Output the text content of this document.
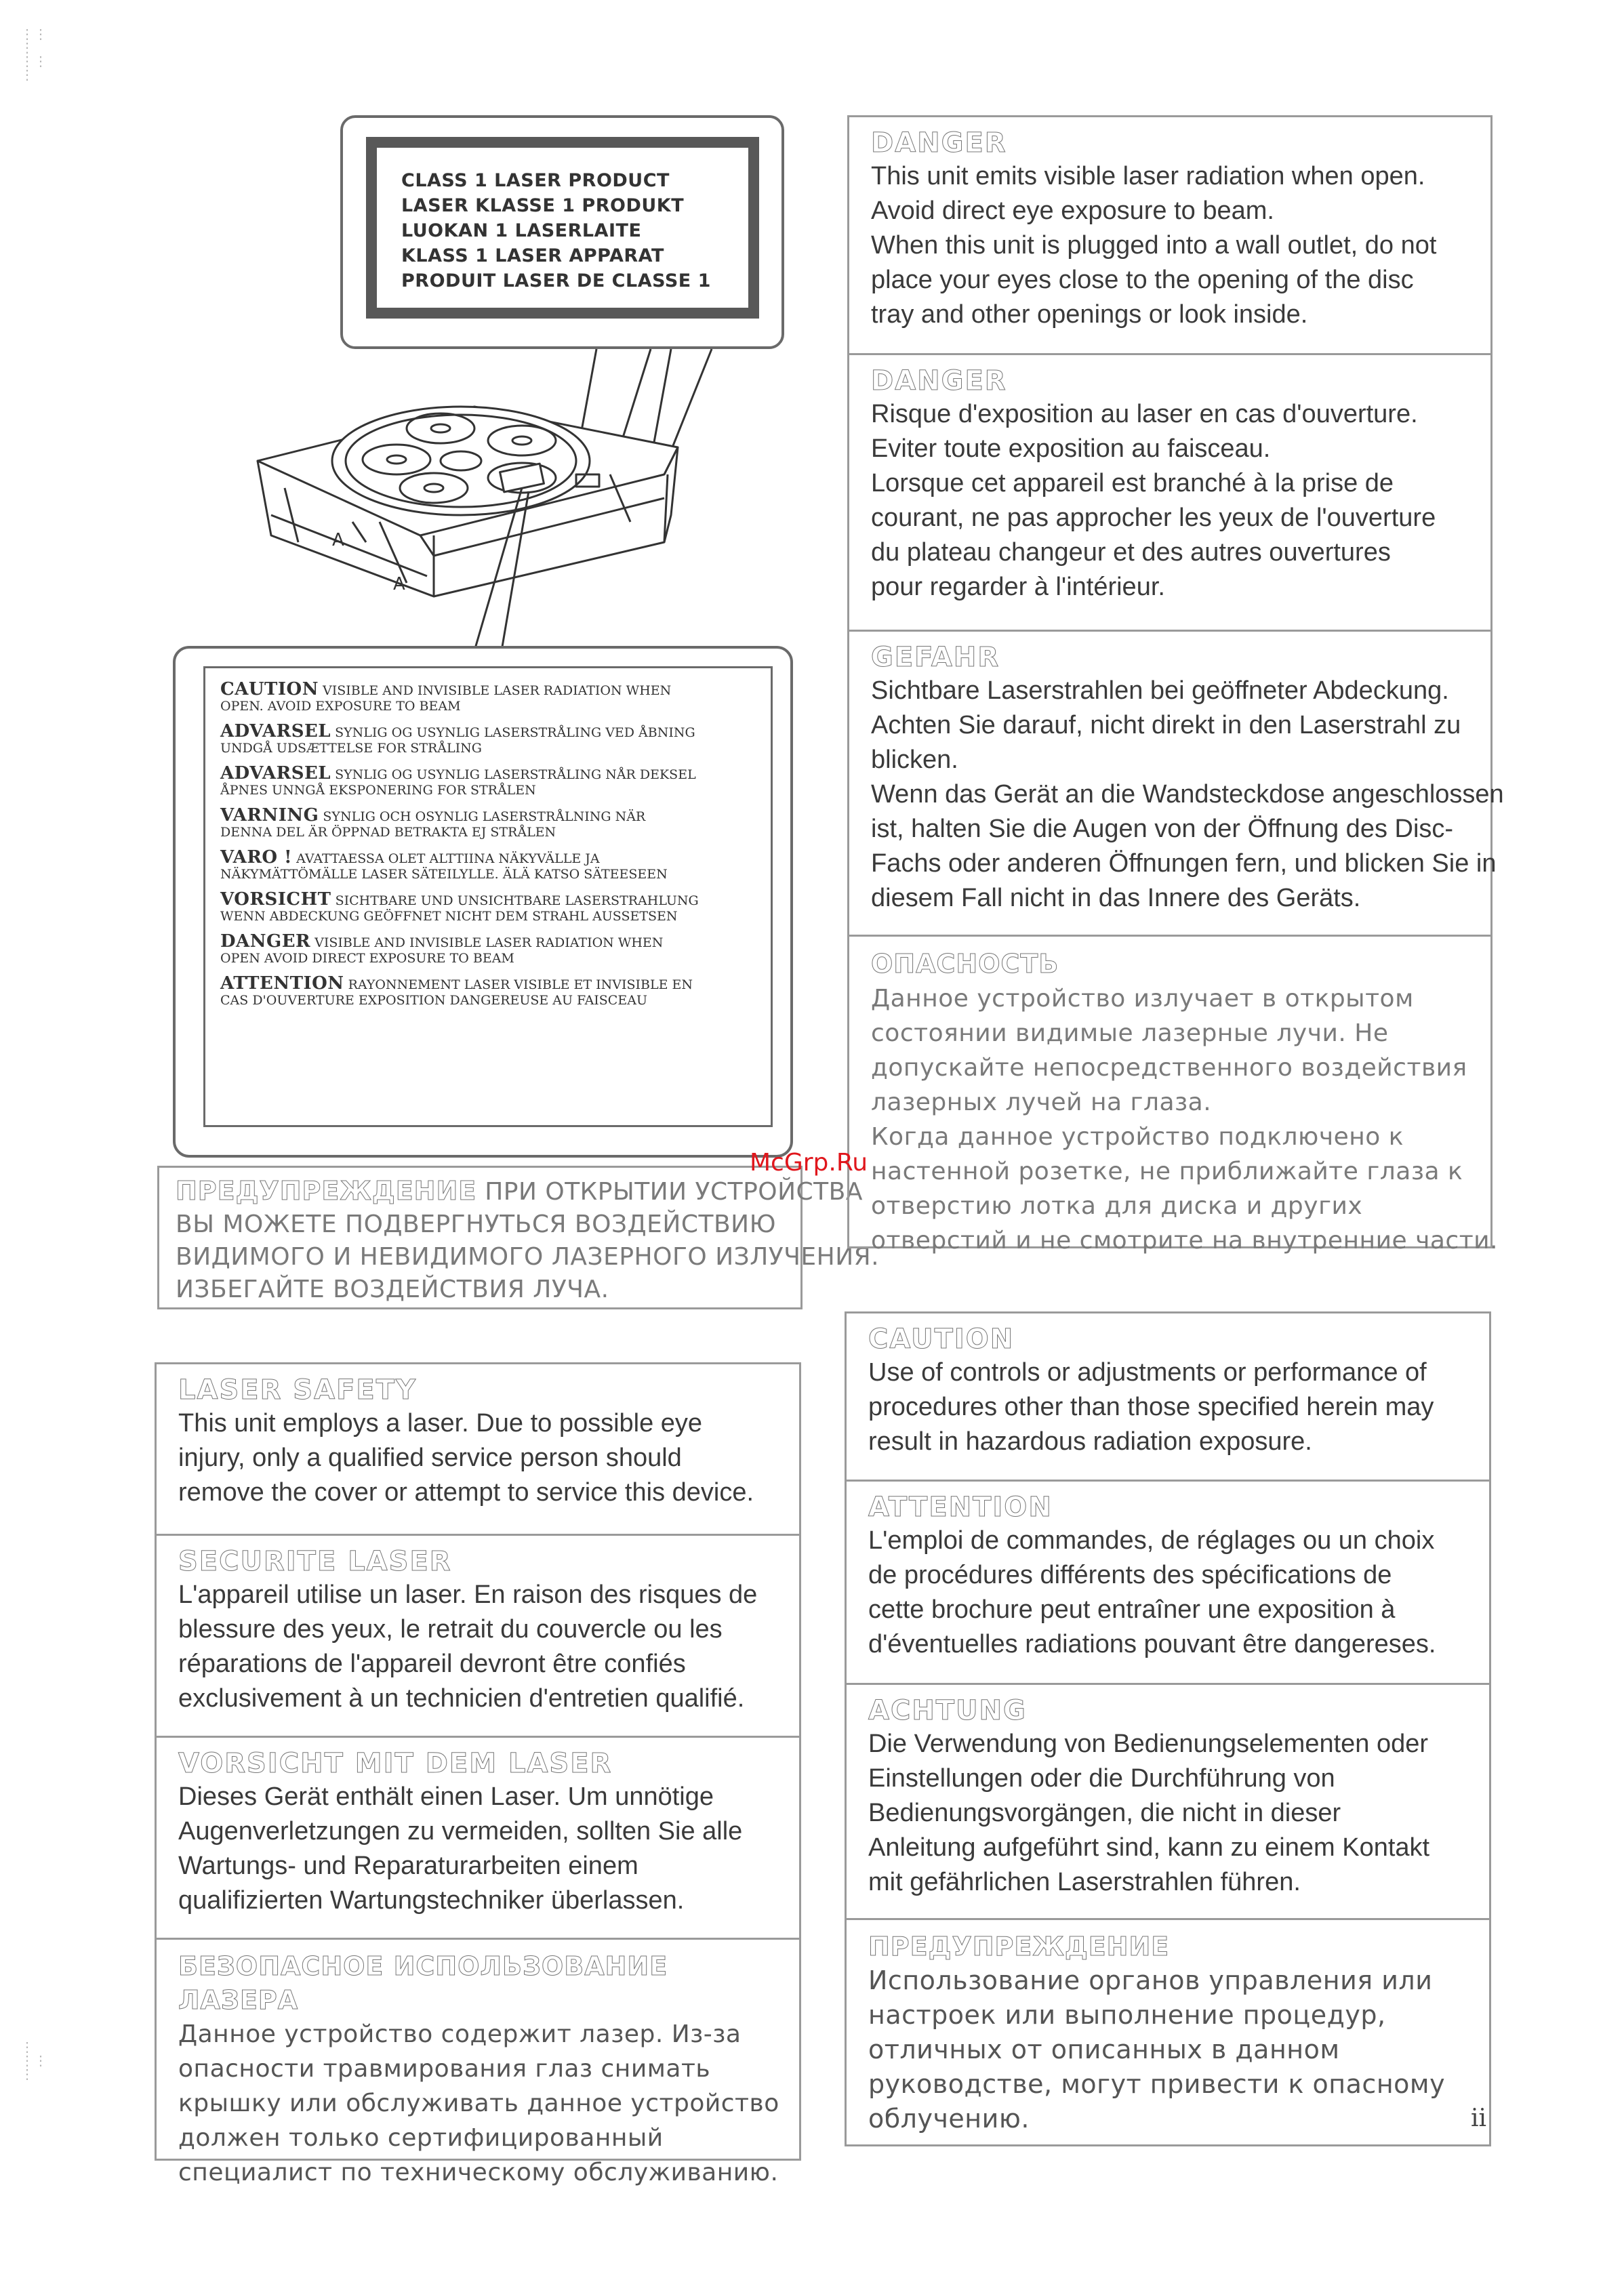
⋮⋮
⋮
⋮⋮
⋮
⋮
⋮⋮
⋮
CLASS 1 LASER PRODUCT
LASER KLASSE 1 PRODUKT
LUOKAN 1 LASERLAITE
KLASS 1 LASER APPARAT
PRODUIT LASER DE CLASSE 1
A
A
CAUTION VISIBLE AND INVISIBLE LASER RADIATION WHEN
OPEN. AVOID EXPOSURE TO BEAM
ADVARSEL SYNLIG OG USYNLIG LASERSTRÅLING VED ÅBNING
UNDGÅ UDSÆTTELSE FOR STRÅLING
ADVARSEL SYNLIG OG USYNLIG LASERSTRÅLING NÅR DEKSEL
ÅPNES UNNGÅ EKSPONERING FOR STRÅLEN
VARNING SYNLIG OCH OSYNLIG LASERSTRÅLNING NÄR
DENNA DEL ÄR ÖPPNAD BETRAKTA EJ STRÅLEN
VARO ! AVATTAESSA OLET ALTTIINA NÄKYVÄLLE JA
NÄKYMÄTTÖMÄLLE LASER SÄTEILYLLE. ÄLÄ KATSO SÄTEESEEN
VORSICHT SICHTBARE UND UNSICHTBARE LASERSTRAHLUNG
WENN ABDECKUNG GEÖFFNET NICHT DEM STRAHL AUSSETSEN
DANGER VISIBLE AND INVISIBLE LASER RADIATION WHEN
OPEN AVOID DIRECT EXPOSURE TO BEAM
ATTENTION RAYONNEMENT LASER VISIBLE ET INVISIBLE EN
CAS D'OUVERTURE EXPOSITION DANGEREUSE AU FAISCEAU
ПРЕДУПРЕЖДЕНИЕ ПРИ ОТКРЫТИИ УСТРОЙСТВА
ВЫ МОЖЕТЕ ПОДВЕРГНУТЬСЯ ВОЗДЕЙСТВИЮ
ВИДИМОГО И НЕВИДИМОГО ЛАЗЕРНОГО ИЗЛУЧЕНИЯ.
ИЗБЕГАЙТЕ ВОЗДЕЙСТВИЯ ЛУЧА.
DANGER
This unit emits visible laser radiation when open.
Avoid direct eye exposure to beam.
When this unit is plugged into a wall outlet, do not
place your eyes close to the opening of the disc
tray and other openings or look inside.
DANGER
Risque d'exposition au laser en cas d'ouverture.
Eviter toute exposition au faisceau.
Lorsque cet appareil est branché à la prise de
courant, ne pas approcher les yeux de l'ouverture
du plateau changeur et des autres ouvertures
pour regarder à l'intérieur.
GEFAHR
Sichtbare Laserstrahlen bei geöffneter Abdeckung.
Achten Sie darauf, nicht direkt in den Laserstrahl zu
blicken.
Wenn das Gerät an die Wandsteckdose angeschlossen
ist, halten Sie die Augen von der Öffnung des Disc-
Fachs oder anderen Öffnungen fern, und blicken Sie in
diesem Fall nicht in das Innere des Geräts.
ОПАСНОСТЬ
Данное устройство излучает в открытом
состоянии видимые лазерные лучи. Не
допускайте непосредственного воздействия
лазерных лучей на глаза.
Когда данное устройство подключено к
настенной розетке, не приближайте глаза к
отверстию лотка для диска и других
отверстий и не смотрите на внутренние части.
McGrp.Ru
LASER SAFETY
This unit employs a laser. Due to possible eye
injury, only a qualified service person should
remove the cover or attempt to service this device.
SECURITE LASER
L'appareil utilise un laser. En raison des risques de
blessure des yeux, le retrait du couvercle ou les
réparations de l'appareil devront être confiés
exclusivement à un technicien d'entretien qualifié.
VORSICHT MIT DEM LASER
Dieses Gerät enthält einen Laser. Um unnötige
Augenverletzungen zu vermeiden, sollten Sie alle
Wartungs- und Reparaturarbeiten einem
qualifizierten Wartungstechniker überlassen.
БЕЗОПАСНОЕ ИСПОЛЬЗОВАНИЕ ЛАЗЕРА
Данное устройство содержит лазер. Из-за
опасности травмирования глаз снимать
крышку или обслуживать данное устройство
должен только сертифицированный
специалист по техническому обслуживанию.
CAUTION
Use of controls or adjustments or performance of
procedures other than those specified herein may
result in hazardous radiation exposure.
ATTENTION
L'emploi de commandes, de réglages ou un choix
de procédures différents des spécifications de
cette brochure peut entraîner une exposition à
d'éventuelles radiations pouvant être dangereses.
ACHTUNG
Die Verwendung von Bedienungselementen oder
Einstellungen oder die Durchführung von
Bedienungsvorgängen, die nicht in dieser
Anleitung aufgeführt sind, kann zu einem Kontakt
mit gefährlichen Laserstrahlen führen.
ПРЕДУПРЕЖДЕНИЕ
Использование органов управления или
настроек или выполнение процедур,
отличных от описанных в данном
руководстве, могут привести к опасному
облучению.	ii
